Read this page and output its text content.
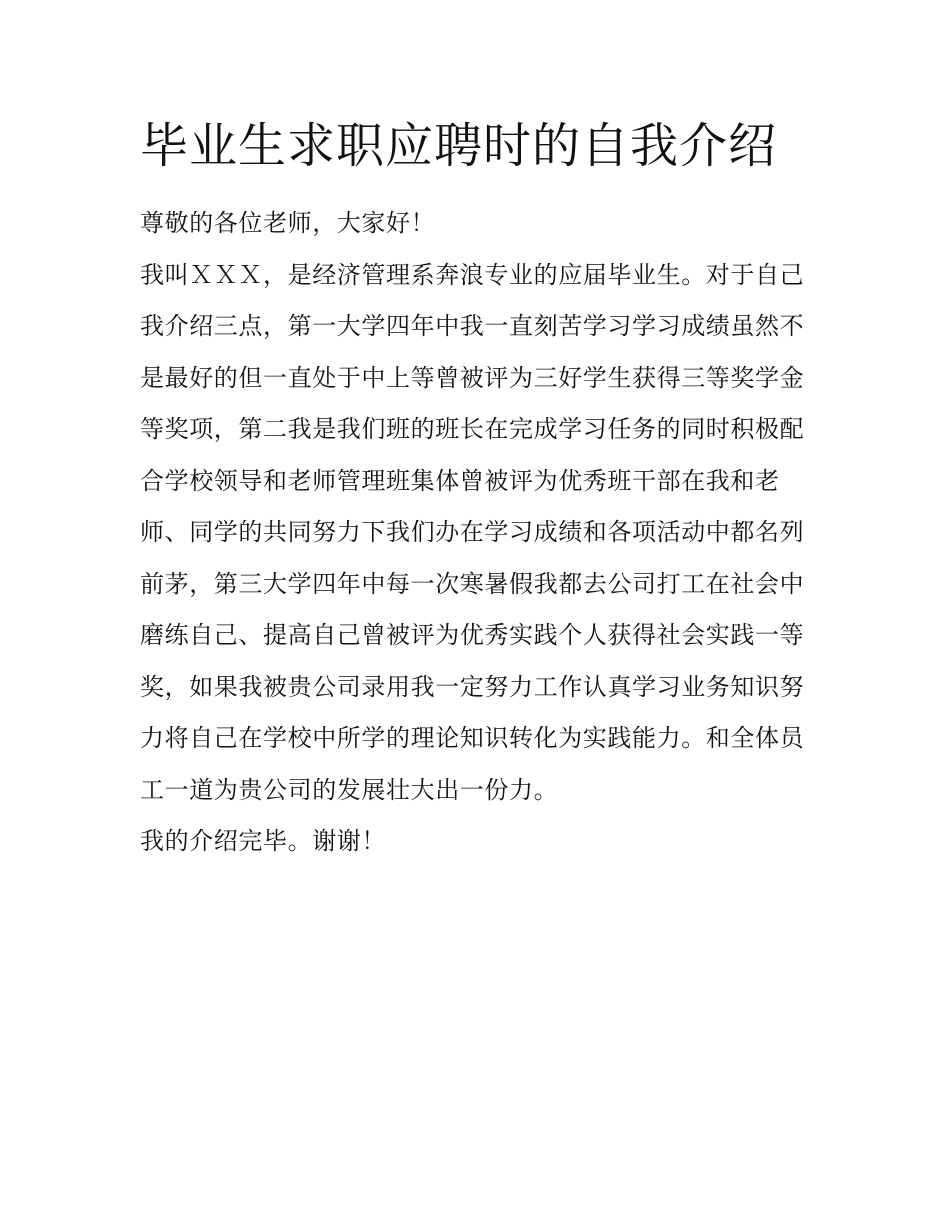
毕业生求职应聘时的自我介绍

尊敬的各位老师，大家好！

我叫ＸＸＸ，是经济管理系奔浪专业的应届毕业生。对于自己

我介绍三点，第一大学四年中我一直刻苦学习学习成绩虽然不

是最好的但一直处于中上等曾被评为三好学生获得三等奖学金

等奖项，第二我是我们班的班长在完成学习任务的同时积极配

合学校领导和老师管理班集体曾被评为优秀班干部在我和老

师、同学的共同努力下我们办在学习成绩和各项活动中都名列

前茅，第三大学四年中每一次寒暑假我都去公司打工在社会中

磨练自己、提高自己曾被评为优秀实践个人获得社会实践一等

奖，如果我被贵公司录用我一定努力工作认真学习业务知识努

力将自己在学校中所学的理论知识转化为实践能力。和全体员

工一道为贵公司的发展壮大出一份力。

我的介绍完毕。谢谢！
